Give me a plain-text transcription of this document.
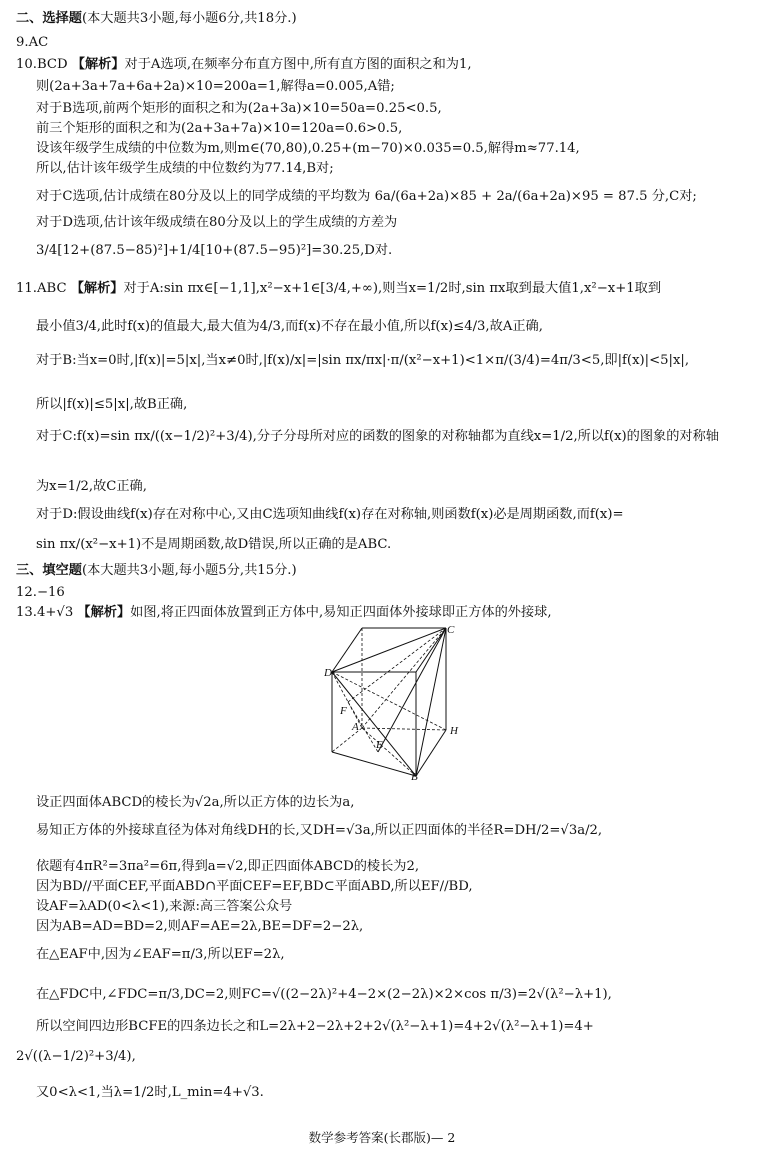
二、选择题(本大题共3小题,每小题6分,共18分.)
9.AC
10.BCD 【解析】对于A选项,在频率分布直方图中,所有直方图的面积之和为1,
则(2a+3a+7a+6a+2a)×10=200a=1,解得a=0.005,A错;
对于B选项,前两个矩形的面积之和为(2a+3a)×10=50a=0.25<0.5,
前三个矩形的面积之和为(2a+3a+7a)×10=120a=0.6>0.5,
设该年级学生成绩的中位数为m,则m∈(70,80),0.25+(m−70)×0.035=0.5,解得m≈77.14,
所以,估计该年级学生成绩的中位数约为77.14,B对;
对于C选项,估计成绩在80分及以上的同学成绩的平均数为 6a/(6a+2a)×85 + 2a/(6a+2a)×95 = 87.5 分,C对;
对于D选项,估计该年级成绩在80分及以上的学生成绩的方差为
3/4[12+(87.5−85)²]+1/4[10+(87.5−95)²]=30.25,D对.
11.ABC 【解析】对于A:sin πx∈[−1,1],x²−x+1∈[3/4,+∞),则当x=1/2时,sin πx取到最大值1,x²−x+1取到
最小值3/4,此时f(x)的值最大,最大值为4/3,而f(x)不存在最小值,所以f(x)≤4/3,故A正确,
对于B:当x=0时,|f(x)|=5|x|,当x≠0时,|f(x)/x|=|sin πx/πx|·π/(x²−x+1)<1×π/(3/4)=4π/3<5,即|f(x)|<5|x|,
所以|f(x)|≤5|x|,故B正确,
对于C:f(x)=sin πx/((x−1/2)²+3/4),分子分母所对应的函数的图象的对称轴都为直线x=1/2,所以f(x)的图象的对称轴
为x=1/2,故C正确,
对于D:假设曲线f(x)存在对称中心,又由C选项知曲线f(x)存在对称轴,则函数f(x)必是周期函数,而f(x)=
sin πx/(x²−x+1)不是周期函数,故D错误,所以正确的是ABC.
三、填空题(本大题共3小题,每小题5分,共15分.)
12.−16
13.4+√3 【解析】如图,将正四面体放置到正方体中,易知正四面体外接球即正方体的外接球,
C
D
F
A
E
H
B
设正四面体ABCD的棱长为√2a,所以正方体的边长为a,
易知正方体的外接球直径为体对角线DH的长,又DH=√3a,所以正四面体的半径R=DH/2=√3a/2,
依题有4πR²=3πa²=6π,得到a=√2,即正四面体ABCD的棱长为2,
因为BD//平面CEF,平面ABD∩平面CEF=EF,BD⊂平面ABD,所以EF//BD,
设AF=λAD(0<λ<1),来源:高三答案公众号
因为AB=AD=BD=2,则AF=AE=2λ,BE=DF=2−2λ,
在△EAF中,因为∠EAF=π/3,所以EF=2λ,
在△FDC中,∠FDC=π/3,DC=2,则FC=√((2−2λ)²+4−2×(2−2λ)×2×cos π/3)=2√(λ²−λ+1),
所以空间四边形BCFE的四条边长之和L=2λ+2−2λ+2+2√(λ²−λ+1)=4+2√(λ²−λ+1)=4+
2√((λ−1/2)²+3/4),
又0<λ<1,当λ=1/2时,L_min=4+√3.
数学参考答案(长郡版)— 2
